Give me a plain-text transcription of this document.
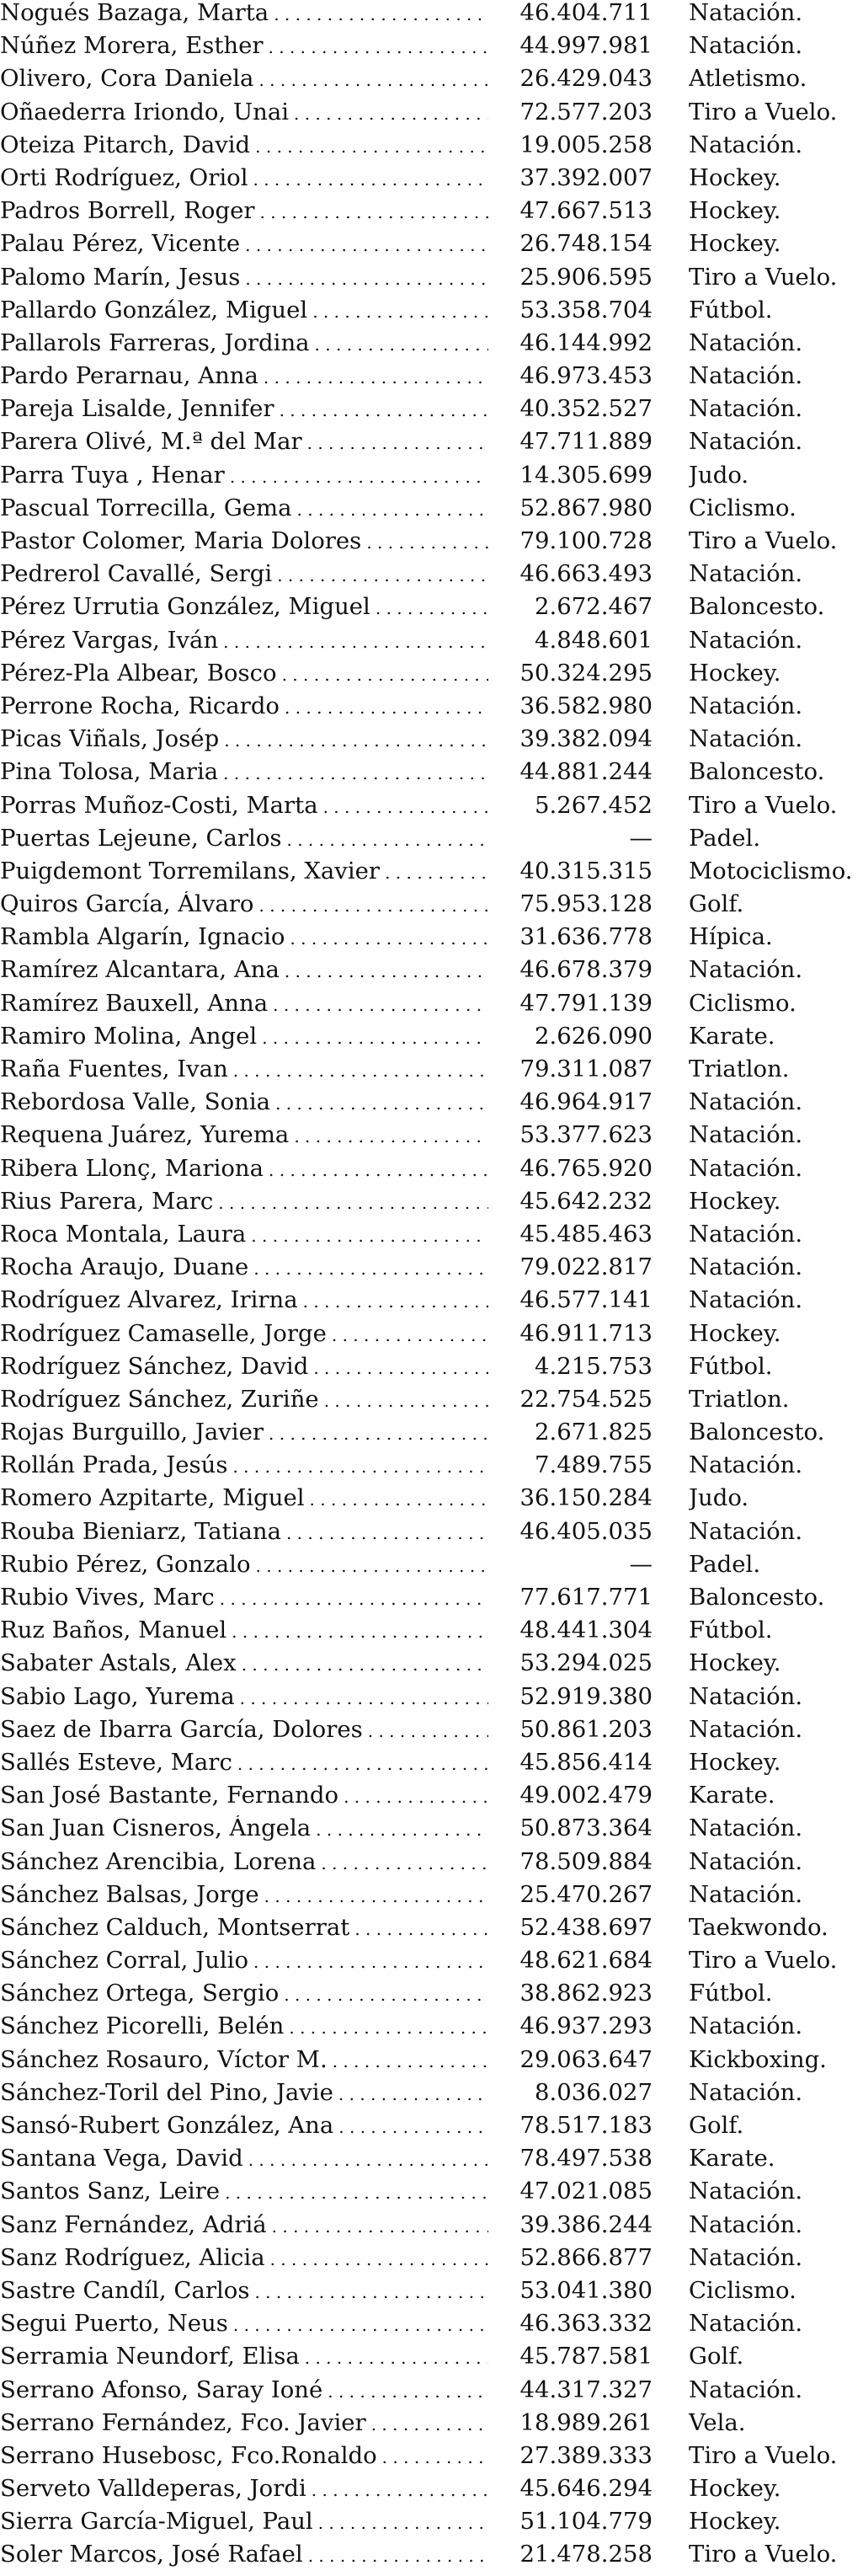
Nogués Bazaga, Marta . . .	46.404.711 Natación.
Núñez Morera, Esther . . .	44.997.981 Natación.
Olivero, Cora Daniela . . .	26.429.043 Atletismo.
Oñaederra Iriondo, Unai . . .	72.577.203 Tiro a Vuelo.
Oteiza Pitarch, David . . .	19.005.258 Natación.
Orti Rodríguez, Oriol . . .	37.392.007 Hockey.
Padros Borrell, Roger . . .	47.667.513 Hockey.
Palau Pérez, Vicente . . .	26.748.154 Hockey.
Palomo Marín, Jesus . . .	25.906.595 Tiro a Vuelo.
Pallardo González, Miguel . . .	53.358.704 Fútbol.
Pallarols Farreras, Jordina . . .	46.144.992 Natación.
Pardo Perarnau, Anna . . .	46.973.453 Natación.
Pareja Lisalde, Jennifer . . .	40.352.527 Natación.
Parera Olivé, M.ª del Mar . . .	47.711.889 Natación.
Parra Tuya , Henar . . .	14.305.699 Judo.
Pascual Torrecilla, Gema . . .	52.867.980 Ciclismo.
Pastor Colomer, Maria Dolores . . .	79.100.728 Tiro a Vuelo.
Pedrerol Cavallé, Sergi . . .	46.663.493 Natación.
Pérez Urrutia González, Miguel . . .	2.672.467 Baloncesto.
Pérez Vargas, Iván . . .	4.848.601 Natación.
Pérez-Pla Albear, Bosco . . .	50.324.295 Hockey.
Perrone Rocha, Ricardo . . .	36.582.980 Natación.
Picas Viñals, Josép . . .	39.382.094 Natación.
Pina Tolosa, Maria . . .	44.881.244 Baloncesto.
Porras Muñoz-Costi, Marta . . .	5.267.452 Tiro a Vuelo.
Puertas Lejeune, Carlos . . .	— Padel.
Puigdemont Torremilans, Xavier . . .	40.315.315 Motociclismo.
Quiros García, Álvaro . . .	75.953.128 Golf.
Rambla Algarín, Ignacio . . .	31.636.778 Hípica.
Ramírez Alcantara, Ana . . .	46.678.379 Natación.
Ramírez Bauxell, Anna . . .	47.791.139 Ciclismo.
Ramiro Molina, Angel . . .	2.626.090 Karate.
Raña Fuentes, Ivan . . .	79.311.087 Triatlon.
Rebordosa Valle, Sonia . . .	46.964.917 Natación.
Requena Juárez, Yurema . . .	53.377.623 Natación.
Ribera Llonç, Mariona . . .	46.765.920 Natación.
Rius Parera, Marc . . .	45.642.232 Hockey.
Roca Montala, Laura . . .	45.485.463 Natación.
Rocha Araujo, Duane . . .	79.022.817 Natación.
Rodríguez Alvarez, Irirna . . .	46.577.141 Natación.
Rodríguez Camaselle, Jorge . . .	46.911.713 Hockey.
Rodríguez Sánchez, David . . .	4.215.753 Fútbol.
Rodríguez Sánchez, Zuriñe . . .	22.754.525 Triatlon.
Rojas Burguillo, Javier . . .	2.671.825 Baloncesto.
Rollán Prada, Jesús . . .	7.489.755 Natación.
Romero Azpitarte, Miguel . . .	36.150.284 Judo.
Rouba Bieniarz, Tatiana . . .	46.405.035 Natación.
Rubio Pérez, Gonzalo . . .	— Padel.
Rubio Vives, Marc . . .	77.617.771 Baloncesto.
Ruz Baños, Manuel . . .	48.441.304 Fútbol.
Sabater Astals, Alex . . .	53.294.025 Hockey.
Sabio Lago, Yurema . . .	52.919.380 Natación.
Saez de Ibarra García, Dolores . . .	50.861.203 Natación.
Sallés Esteve, Marc . . .	45.856.414 Hockey.
San José Bastante, Fernando . . .	49.002.479 Karate.
San Juan Cisneros, Ángela . . .	50.873.364 Natación.
Sánchez Arencibia, Lorena . . .	78.509.884 Natación.
Sánchez Balsas, Jorge . . .	25.470.267 Natación.
Sánchez Calduch, Montserrat . . .	52.438.697 Taekwondo.
Sánchez Corral, Julio . . .	48.621.684 Tiro a Vuelo.
Sánchez Ortega, Sergio . . .	38.862.923 Fútbol.
Sánchez Picorelli, Belén . . .	46.937.293 Natación.
Sánchez Rosauro, Víctor M. . . .	29.063.647 Kickboxing.
Sánchez-Toril del Pino, Javie . . .	8.036.027 Natación.
Sansó-Rubert González, Ana . . .	78.517.183 Golf.
Santana Vega, David . . .	78.497.538 Karate.
Santos Sanz, Leire . . .	47.021.085 Natación.
Sanz Fernández, Adriá . . .	39.386.244 Natación.
Sanz Rodríguez, Alicia . . .	52.866.877 Natación.
Sastre Candíl, Carlos . . .	53.041.380 Ciclismo.
Segui Puerto, Neus . . .	46.363.332 Natación.
Serramia Neundorf, Elisa . . .	45.787.581 Golf.
Serrano Afonso, Saray Ioné . . .	44.317.327 Natación.
Serrano Fernández, Fco. Javier . . .	18.989.261 Vela.
Serrano Husebosc, Fco.Ronaldo . . .	27.389.333 Tiro a Vuelo.
Serveto Valldeperas, Jordi . . .	45.646.294 Hockey.
Sierra García-Miguel, Paul . . .	51.104.779 Hockey.
Soler Marcos, José Rafael . . .	21.478.258 Tiro a Vuelo.
